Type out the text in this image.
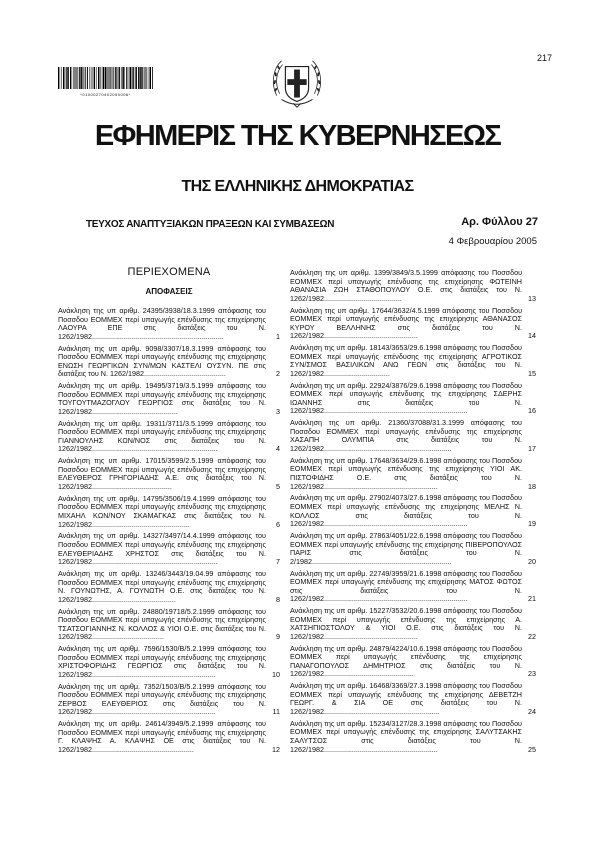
217
*01000270402050006*
ΕΦΗΜΕΡΙΣ ΤΗΣ ΚΥΒΕΡΝΗΣΕΩΣ
ΤΗΣ ΕΛΛΗΝΙΚΗΣ ΔΗΜΟΚΡΑΤΙΑΣ
ΤΕΥΧΟΣ ΑΝΑΠΤΥΞΙΑΚΩΝ ΠΡΑΞΕΩΝ ΚΑΙ ΣΥΜΒΑΣΕΩΝ	Αρ. Φύλλου 27
4 Φεβρουαρίου 2005
ΠΕΡΙΕΧΟΜΕΝΑ
ΑΠΟΦΑΣΕΙΣ
Ανάκληση της υπ αριθμ. 24395/3938/18.3.1999 απόφασης του Ποσσδου ΕΟΜΜΕΧ περί υπαγωγής επένδυσης της επιχείρησης ΛΑΟΥΡΑ ΕΠΕ στις διατάξεις του Ν. 1262/1982..................................................................	1
Ανάκληση της υπ αριθμ. 9098/3307/18.3.1999 απόφασης του Ποσσδου ΕΟΜΜΕΧ περί υπαγωγής επένδυσης της επιχείρησης ΕΝΩΣΗ ΓΕΩΡΓΙΚΩΝ ΣΥΝ/ΜΩΝ ΚΑΣΤΕΛΙ ΟΥΣΥΝ. ΠΕ στις διατάξεις του Ν. 1262/1982.........................................	2
Ανάκληση της υπ αριθμ. 19495/3719/3.5.1999 απόφασης του Ποσσδου ΕΟΜΜΕΧ περί υπαγωγής επένδυσης της επιχείρησης ΤΟΥΓΟΥΤΜΑΖΟΓΛΟΥ ΓΕΩΡΓΙΟΣ στις διατάξεις του Ν. 1262/1982...........................................	3
Ανάκληση της υπ αριθμ. 19311/3711/3.5.1999 απόφασης του Ποσσδου ΕΟΜΜΕΧ περί υπαγωγής επένδυσης της επιχείρησης ΓΙΑΝΝΟΥΛΗΣ ΚΩΝ/ΝΟΣ στις διατάξεις του Ν. 1262/1982...............................................................	4
Ανάκληση της υπ αριθμ. 17015/3599/2.5.1999 απόφασης του Ποσσδου ΕΟΜΜΕΧ περί υπαγωγής επένδυσης της επιχείρησης ΕΛΕΥΘΕΡΟΣ ΓΡΗΓΟΡΙΑΔΗΣ Α.Ε. στις διατάξεις του Ν. 1262/1982........................................	5
Ανάκληση της υπ αριθμ. 14795/3506/19.4.1999 απόφασης του Ποσσδου ΕΟΜΜΕΧ περί υπαγωγής επένδυσης της επιχείρησης ΜΙΧΑΗΛ ΚΩΝ/ΝΟΥ ΣΚΑΜΑΓΚΑΣ στις διατάξεις του Ν. 1262/1982.................................................	6
Ανάκληση της υπ αριθμ. 14327/3497/14.4.1999 απόφασης του Ποσσδου ΕΟΜΜΕΧ περί υπαγωγής επένδυσης της επιχείρησης ΕΛΕΥΘΕΡΙΑΔΗΣ ΧΡΗΣΤΟΣ στις διατάξεις του Ν. 1262/1982...............................................................	7
Ανάκληση της υπ αριθμ. 13246/3443/19.04.99 απόφασης του Ποσσδου ΕΟΜΜΕΧ περί υπαγωγής επένδυσης της επιχείρησης Ν. ΓΟΥΝΩΤΗΣ, Α. ΓΟΥΝΩΤΗ Ο.Ε. στις διατάξεις του Ν. 1262/1982..........................................	8
Ανάκληση της υπ αριθμ. 24880/19718/5.2.1999 απόφασης του Ποσσδου ΕΟΜΜΕΧ περί υπαγωγής επένδυσης της επιχείρησης ΤΣΑΤΣΟΓΙΑΝΝΗΣ Ν. ΚΟΛΛΟΣ & ΥΙΟΙ Ο.Ε. στις διατάξεις του Ν. 1262/1982....................................	9
Ανάκληση της υπ αριθμ. 7596/1530/Β/5.2.1999 απόφασης του Ποσσδου ΕΟΜΜΕΧ περί υπαγωγής επένδυσης της επιχείρησης ΧΡΙΣΤΟΦΟΡΙΔΗΣ ΓΕΩΡΓΙΟΣ στις διατάξεις του Ν. 1262/1982..............................................................	10
Ανάκληση της υπ αριθμ. 7352/1503/Β/5.2.1999 απόφασης του Ποσσδου ΕΟΜΜΕΧ περί υπαγωγής επένδυσης της επιχείρησης ΖΕΡΒΟΣ ΕΛΕΥΘΕΡΙΟΣ στις διατάξεις του Ν. 1262/1982..............................................................	11
Ανάκληση της υπ αριθμ. 24614/3949/5.2.1999 απόφασης του Ποσσδου ΕΟΜΜΕΧ περί υπαγωγής επένδυσης της επιχείρησης Γ. ΚΛΑΨΗΣ Α. ΚΛΑΨΗΣ ΟΕ στις διατάξεις του Ν. 1262/1982...................................................	12
Ανάκληση της υπ αριθμ. 1399/3849/3.5.1999 απόφασης του Ποσσδου ΕΟΜΜΕΧ περί υπαγωγής επένδυσης της επιχείρησης ΦΩΤΕΙΝΗ ΑΘΑΝΑΣΙΑ ΖΩΗ ΣΤΑΘΟΠΟΥΛΟΥ Ο.Ε. στις διατάξεις του Ν. 1262/1982.......................................	13
Ανάκληση της υπ αριθμ. 17644/3632/4.5.1999 απόφασης του Ποσσδου ΕΟΜΜΕΧ περί υπαγωγής επένδυσης της επιχείρησης ΑΘΑΝΑΣΟΣ ΚΥΡΟΥ ΒΕΛΛΗΝΗΣ στις διατάξεις του Ν. 1262/1982...............................................	14
Ανάκληση της υπ αριθμ. 18143/3653/29.6.1998 απόφασης του Ποσσδου ΕΟΜΜΕΧ περί υπαγωγής επένδυσης της επιχείρησης ΑΓΡΟΤΙΚΟΣ ΣΥΝ/ΣΜΟΣ ΒΑΣΙΛΙΚΩΝ ΑΝΩ ΓΕΩΝ στις διατάξεις του Ν. 1262/1982.................................	15
Ανάκληση της υπ αριθμ. 22924/3876/29.6.1998 απόφασης του Ποσσδου ΕΟΜΜΕΧ περί υπαγωγής επένδυσης της επιχείρησης ΣΔΕΡΗΣ ΙΩΑΝΝΗΣ στις διατάξεις του Ν. 1262/1982........................................................................	16
Ανάκληση της υπ αριθμ. 21360/37088/31.3.1999 απόφασης του Ποσσδου ΕΟΜΜΕΧ περί υπαγωγής επένδυσης της επιχείρησης ΧΑΣΑΠΗ ΟΛΥΜΠΙΑ στις διατάξεις του Ν. 1262/1982................................................................	17
Ανάκληση της υπ αριθμ. 17648/3634/29.6.1998 απόφασης του Ποσσδου ΕΟΜΜΕΧ περί υπαγωγής επένδυσης της επιχείρησης ΥΙΟΙ ΑΚ. ΠΙΣΤΟΦΙΔΗΣ Ο.Ε. στις διατάξεις του Ν. 1262/1982.........................................................	18
Ανάκληση της υπ αριθμ. 27902/4073/27.6.1998 απόφασης του Ποσσδου ΕΟΜΜΕΧ περί υπαγωγής επένδυσης της επιχείρησης ΜΕΛΗΣ Ν. ΚΟΛΛΟΣ στις διατάξεις του Ν. 1262/1982........................................................................	19
Ανάκληση της υπ αριθμ. 27863/4051/22.6.1998 απόφασης του Ποσσδου ΕΟΜΜΕΧ περί υπαγωγής επένδυσης της επιχείρησης ΠΙΒΕΡΟΠΟΥΛΟΣ ΠΑΡΙΣ στις διατάξεις του Ν. 2/1982......................................................................	20
Ανάκληση της υπ αριθμ. 22749/3959/21.6.1998 απόφασης του Ποσσδου ΕΟΜΜΕΧ περί υπαγωγής επένδυσης της επιχείρησης ΜΑΤΟΣ ΦΩΤΟΣ στις διατάξεις του Ν. 1262/1982........................................................................	21
Ανάκληση της υπ αριθμ. 15227/3532/20.6.1998 απόφασης του Ποσσδου ΕΟΜΜΕΧ περί υπαγωγής επένδυσης της επιχείρησης Α. ΧΑΤΣΗΠΙΟΣΤΟΛΟΥ & ΥΙΟΙ Ο.Ε. στις διατάξεις του Ν. 1262/1982...............................................	22
Ανάκληση της υπ αριθμ. 24879/4224/10.6.1998 απόφασης του Ποσσδου ΕΟΜΜΕΧ περί υπαγωγής επένδυσης της επιχείρησης ΠΑΝΑΓΟΠΟΥΛΟΣ ΔΗΜΗΤΡΙΟΣ στις διατάξεις του Ν. 1262/1982.............................................	23
Ανάκληση της υπ αριθμ. 16468/3369/27.3.1998 απόφασης του Ποσσδου ΕΟΜΜΕΧ περί υπαγωγής επένδυσης της επιχείρησης ΔΕΒΕΤΖΗ ΓΕΩΡΓ. & ΣΙΑ ΟΕ στις διατάξεις του Ν. 1262/1982..........................................................	24
Ανάκληση της υπ αριθμ. 15234/3127/28.3.1998 απόφασης του Ποσσδου ΕΟΜΜΕΧ περί υπαγωγής επένδυσης της επιχείρησης ΣΑΛΥΤΣΑΚΗΣ ΣΑΛΥΤΣΟΣ στις διατάξεις του Ν. 1262/1982.........................................................	25
